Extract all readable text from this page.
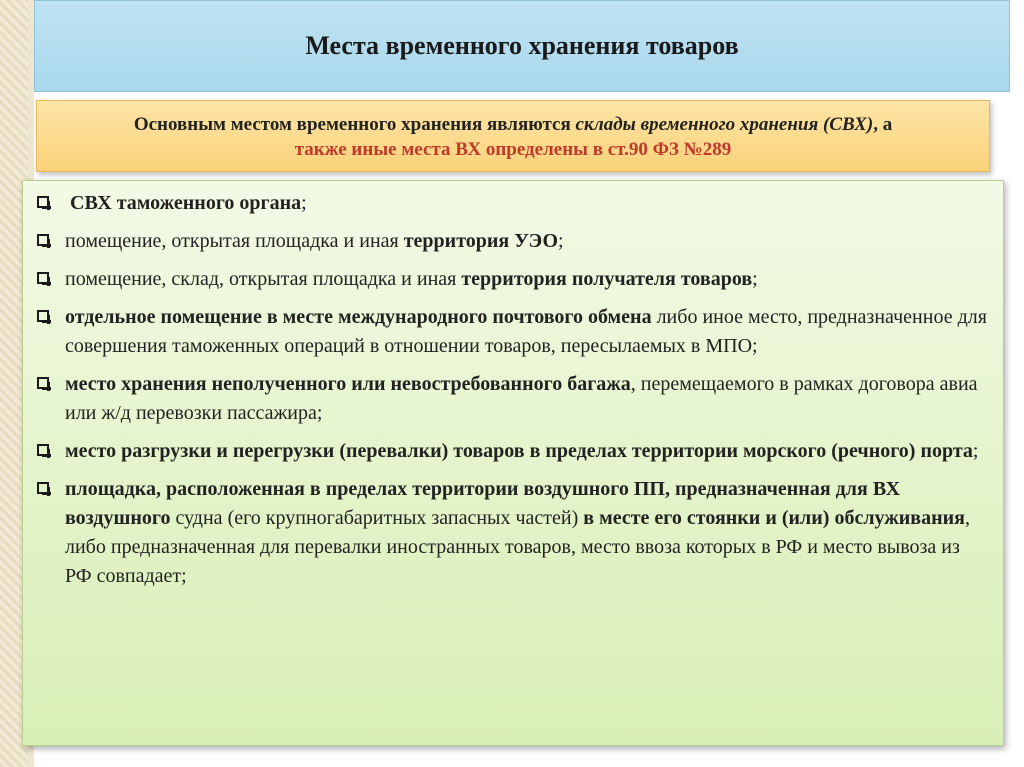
Места временного хранения товаров
Основным местом временного хранения являются склады временного хранения (СВХ), а
также иные места ВХ определены в ст.90 ФЗ №289
СВХ таможенного органа;
помещение, открытая площадка и иная территория УЭО;
помещение, склад, открытая площадка и иная территория получателя товаров;
отдельное помещение в месте международного почтового обмена либо иное место, предназначенное для совершения таможенных операций в отношении товаров, пересылаемых в МПО;
место хранения неполученного или невостребованного багажа, перемещаемого в рамках договора авиа или ж/д перевозки пассажира;
место разгрузки и перегрузки (перевалки) товаров в пределах территории морского (речного) порта;
площадка, расположенная в пределах территории воздушного ПП, предназначенная для ВХ воздушного судна (его крупногабаритных запасных частей) в месте его стоянки и (или) обслуживания, либо предназначенная для перевалки иностранных товаров, место ввоза которых в РФ и место вывоза из РФ совпадает;
